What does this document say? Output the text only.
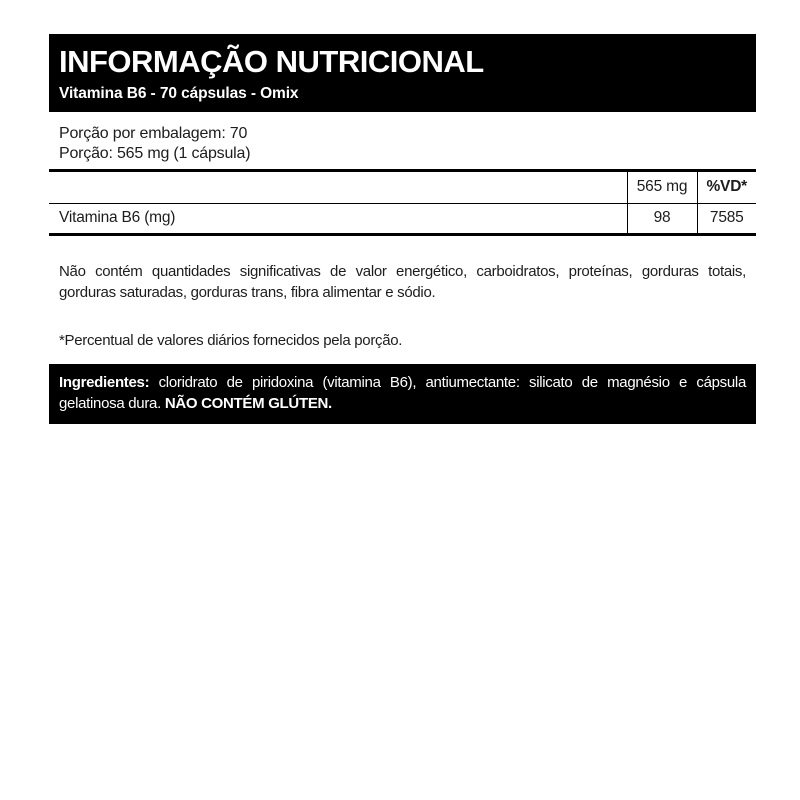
INFORMAÇÃO NUTRICIONAL

Vitamina B6 - 70 cápsulas - Omix

Porção por embalagem: 70
Porção: 565 mg (1 cápsula)
	565 mg	%VD*
Vitamina B6 (mg)	98	7585

Não contém quantidades significativas de valor energético, carboidratos, proteínas, gorduras totais, gorduras saturadas, gorduras trans, fibra alimentar e sódio.

*Percentual de valores diários fornecidos pela porção.

Ingredientes: cloridrato de piridoxina (vitamina B6), antiumectante: silicato de magnésio e cápsula gelatinosa dura. NÃO CONTÉM GLÚTEN.
